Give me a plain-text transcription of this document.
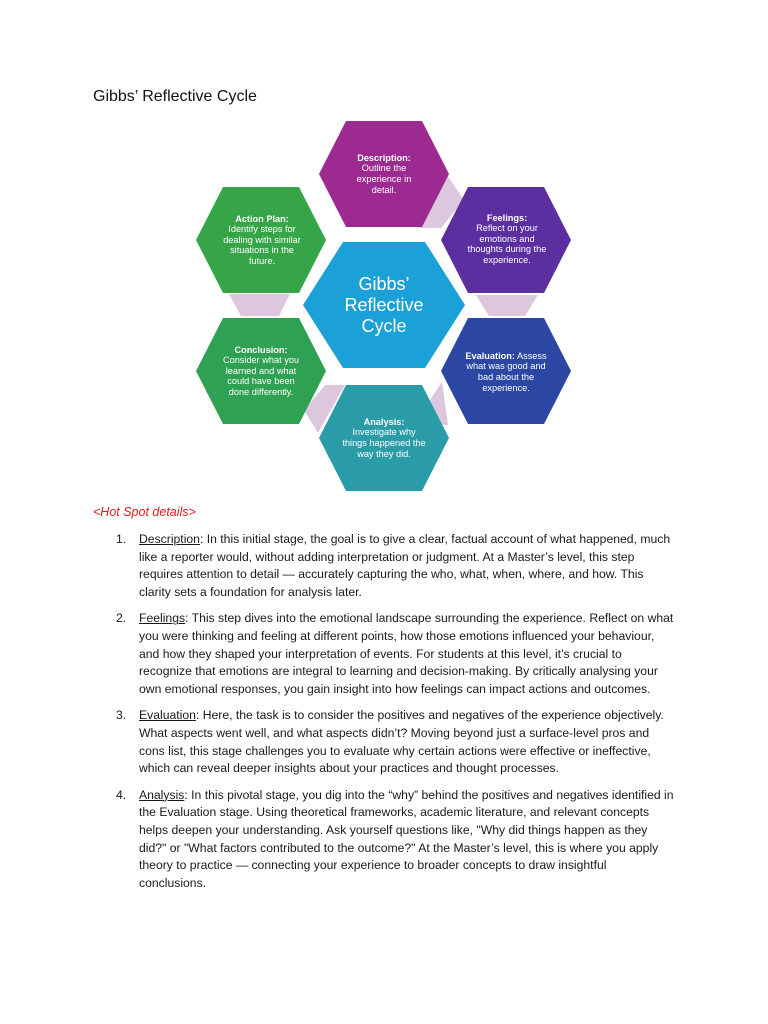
Gibbs’ Reflective Cycle
Gibbs’
Reflective
Cycle
Description:
Outline the experience in detail.
Feelings:
Reflect on your emotions and thoughts during the experience.
Evaluation: Assess what was good and bad about the experience.
Analysis:
Investigate why things happened the way they did.
Conclusion:
Consider what you learned and what could have been done differently.
Action Plan:
Identify steps for dealing with similar situations in the future.
<Hot Spot details>
1. Description: In this initial stage, the goal is to give a clear, factual account of what happened, much like a reporter would, without adding interpretation or judgment. At a Master’s level, this step requires attention to detail — accurately capturing the who, what, when, where, and how. This clarity sets a foundation for analysis later.
2. Feelings: This step dives into the emotional landscape surrounding the experience. Reflect on what you were thinking and feeling at different points, how those emotions influenced your behaviour, and how they shaped your interpretation of events. For students at this level, it’s crucial to recognize that emotions are integral to learning and decision-making. By critically analysing your own emotional responses, you gain insight into how feelings can impact actions and outcomes.
3. Evaluation: Here, the task is to consider the positives and negatives of the experience objectively. What aspects went well, and what aspects didn’t? Moving beyond just a surface-level pros and cons list, this stage challenges you to evaluate why certain actions were effective or ineffective, which can reveal deeper insights about your practices and thought processes.
4. Analysis: In this pivotal stage, you dig into the “why” behind the positives and negatives identified in the Evaluation stage. Using theoretical frameworks, academic literature, and relevant concepts helps deepen your understanding. Ask yourself questions like, "Why did things happen as they did?" or "What factors contributed to the outcome?" At the Master’s level, this is where you apply theory to practice — connecting your experience to broader concepts to draw insightful conclusions.
